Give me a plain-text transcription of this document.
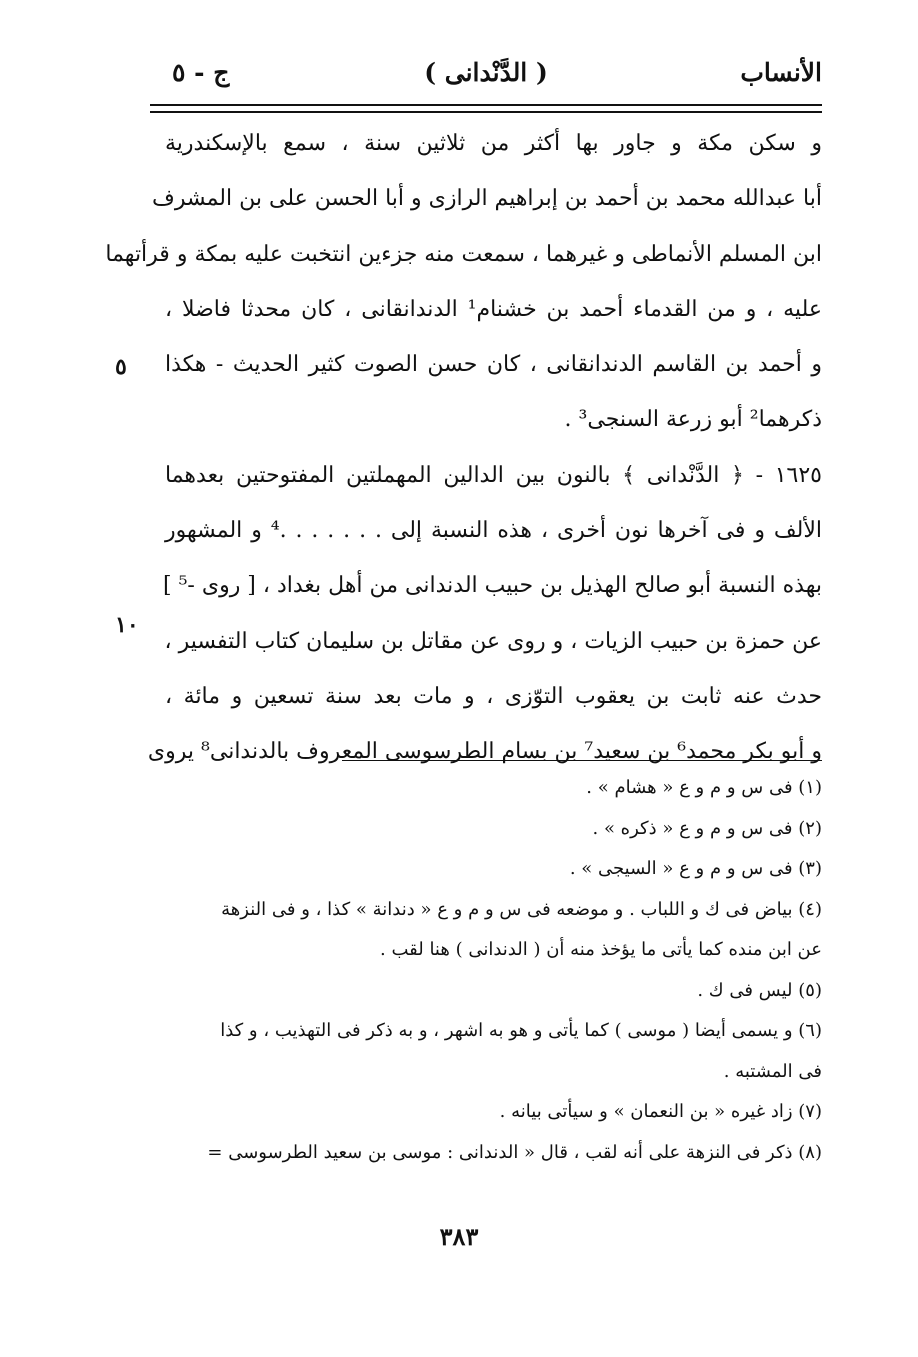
الأنساب
( الدَّنْدانى )
ج - ٥
و سكن مكة و جاور بها أكثر من ثلاثين سنة ، سمع بالإسكندرية
أبا عبدالله محمد بن أحمد بن إبراهيم الرازى و أبا الحسن على بن المشرف
ابن المسلم الأنماطى و غيرهما ، سمعت منه جزءين انتخبت عليه بمكة و قرأتهما
عليه ، و من القدماء أحمد بن خشنام¹ الدندانقانى ، كان محدثا فاضلا ،
و أحمد بن القاسم الدندانقانى ، كان حسن الصوت كثير الحديث - هكذا
ذكرهما² أبو زرعة السنجى³ .
١٦٢٥ - ﴿ الدَّنْدانى ﴾ بالنون بين الدالين المهملتين المفتوحتين بعدهما
الألف و فى آخرها نون أخرى ، هذه النسبة إلى . . . . . . .⁴ و المشهور
بهذه النسبة أبو صالح الهذيل بن حبيب الدندانى من أهل بغداد ، [ روى -⁵ ]
عن حمزة بن حبيب الزيات ، و روى عن مقاتل بن سليمان كتاب التفسير ،
حدث عنه ثابت بن يعقوب التوّزى ، و مات بعد سنة تسعين و مائة ،
و أبو بكر محمد⁶ بن سعيد⁷ بن بسام الطرسوسى المعروف بالدندانى⁸ يروى
٥
١٠
(١) فى س و م و ع « هشام » .
(٢) فى س و م و ع « ذكره » .
(٣) فى س و م و ع « السيجى » .
(٤) بياض فى ك و اللباب . و موضعه فى س و م و ع « دندانة » كذا ، و فى النزهة
عن ابن منده كما يأتى ما يؤخذ منه أن ( الدندانى ) هنا لقب .
(٥) ليس فى ك .
(٦) و يسمى أيضا ( موسى ) كما يأتى و هو به اشهر ، و به ذكر فى التهذيب ، و كذا
فى المشتبه .
(٧) زاد غيره « بن النعمان » و سيأتى بيانه .
(٨) ذكر فى النزهة على أنه لقب ، قال « الدندانى : موسى بن سعيد الطرسوسى =
٣٨٣
